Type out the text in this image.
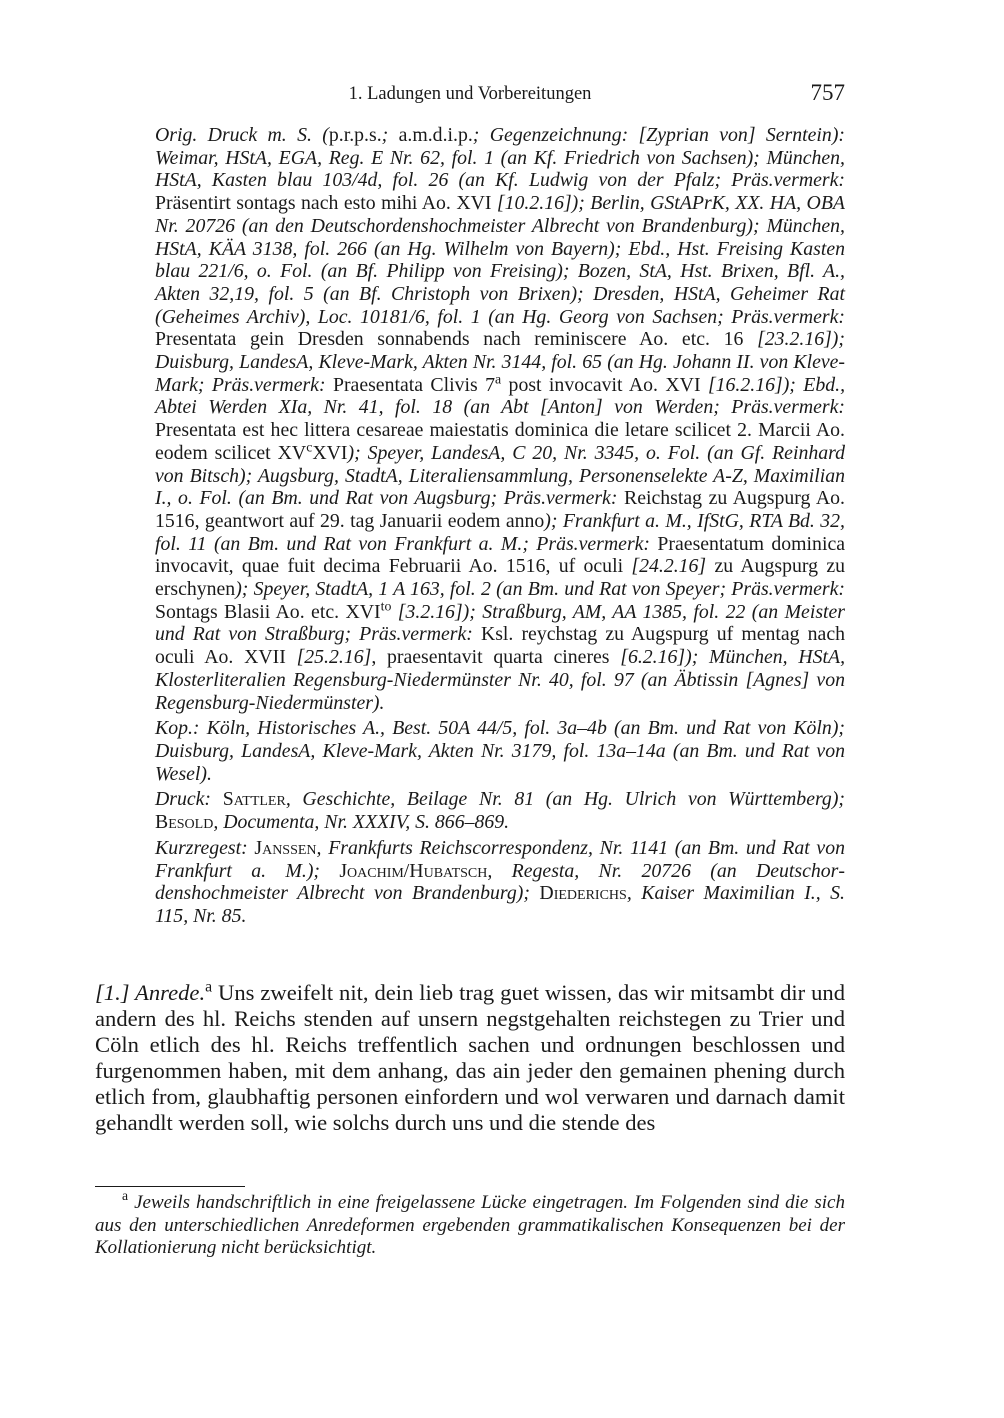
1. Ladungen und Vorbereitungen	757

Orig. Druck m. S. (p.r.p.s.; a.m.d.i.p.; Gegenzeichnung: [Zyprian von] Serntein): Weimar, HStA, EGA, Reg. E Nr. 62, fol. 1 (an Kf. Friedrich von Sachsen); München, HStA, Kasten blau 103/4d, fol. 26 (an Kf. Ludwig von der Pfalz; Präs.vermerk: Präsentirt sontags nach esto mihi Ao. XVI [10.2.16]); Berlin, GStAPrK, XX. HA, OBA Nr. 20726 (an den Deutschordenshochmeister Albrecht von Brandenburg); München, HStA, KÄA 3138, fol. 266 (an Hg. Wilhelm von Bayern); Ebd., Hst. Freising Kasten blau 221/6, o. Fol. (an Bf. Philipp von Freising); Bozen, StA, Hst. Brixen, Bfl. A., Akten 32,19, fol. 5 (an Bf. Christoph von Brixen); Dresden, HStA, Geheimer Rat (Geheimes Archiv), Loc. 10181/6, fol. 1 (an Hg. Georg von Sachsen; Präs.vermerk: Presentata gein Dresden sonnabends nach reminiscere Ao. etc. 16 [23.2.16]); Duisburg, LandesA, Kleve-Mark, Akten Nr. 3144, fol. 65 (an Hg. Johann II. von Kleve-Mark; Präs.vermerk: Praesentata Clivis 7$^a$ post invocavit Ao. XVI [16.2.16]); Ebd., Abtei Werden XIa, Nr. 41, fol. 18 (an Abt [Anton] von Werden; Präs.vermerk: Presentata est hec littera cesareae maiestatis dominica die letare scilicet 2. Marcii Ao. eodem scilicet $XV^cXVI$); Speyer, LandesA, C 20, Nr. 3345, o. Fol. (an Gf. Reinhard von Bitsch); Augsburg, StadtA, Literaliensammlung, Personenselekte A-Z, Maximilian I., o. Fol. (an Bm. und Rat von Augsburg; Präs.vermerk: Reichstag zu Augspurg Ao. 1516, geantwort auf 29. tag Januarii eodem anno); Frankfurt a. M., IfStG, RTA Bd. 32, fol. 11 (an Bm. und Rat von Frankfurt a. M.; Präs.vermerk: Praesentatum dominica invocavit, quae fuit decima Februarii Ao. 1516, uf oculi [24.2.16] zu Augspurg zu erschynen); Speyer, StadtA, 1 A 163, fol. 2 (an Bm. und Rat von Speyer; Präs.vermerk: Sontags Blasii Ao. etc. $XVI^{to}$ [3.2.16]); Straßburg, AM, AA 1385, fol. 22 (an Meister und Rat von Straßburg; Präs.vermerk: Ksl. reychstag zu Augspurg uf mentag nach oculi Ao. XVII [25.2.16], praesentavit quarta cineres [6.2.16]); München, HStA, Klosterliteralien Regensburg-Niedermünster Nr. 40, fol. 97 (an Äbtissin [Agnes] von Regensburg-Niedermünster).

Kop.: Köln, Historisches A., Best. 50A 44/5, fol. 3a–4b (an Bm. und Rat von Köln); Duisburg, LandesA, Kleve-Mark, Akten Nr. 3179, fol. 13a–14a (an Bm. und Rat von Wesel).

Druck: Sattler, Geschichte, Beilage Nr. 81 (an Hg. Ulrich von Württemberg); Besold, Documenta, Nr. XXXIV, S. 866–869.

Kurzregest: Janssen, Frankfurts Reichscorrespondenz, Nr. 1141 (an Bm. und Rat von Frankfurt a. M.); Joachim/Hubatsch, Regesta, Nr. 20726 (an Deutschordenshochmeister Albrecht von Brandenburg); Diederichs, Kaiser Maximilian I., S. 115, Nr. 85.

[1.] Anrede.$^a$ Uns zweifelt nit, dein lieb trag guet wissen, das wir mitsambt dir und andern des hl. Reichs stenden auf unsern negstgehalten reichstegen zu Trier und Cöln etlich des hl. Reichs treffentlich sachen und ordnungen beschlossen und furgenommen haben, mit dem anhang, das ain jeder den gemainen phening durch etlich from, glaubhaftig personen einfordern und wol verwaren und darnach damit gehandlt werden soll, wie solchs durch uns und die stende des

a Jeweils handschriftlich in eine freigelassene Lücke eingetragen. Im Folgenden sind die sich aus den unterschiedlichen Anredeformen ergebenden grammatikalischen Konsequenzen bei der Kollationierung nicht berücksichtigt.
